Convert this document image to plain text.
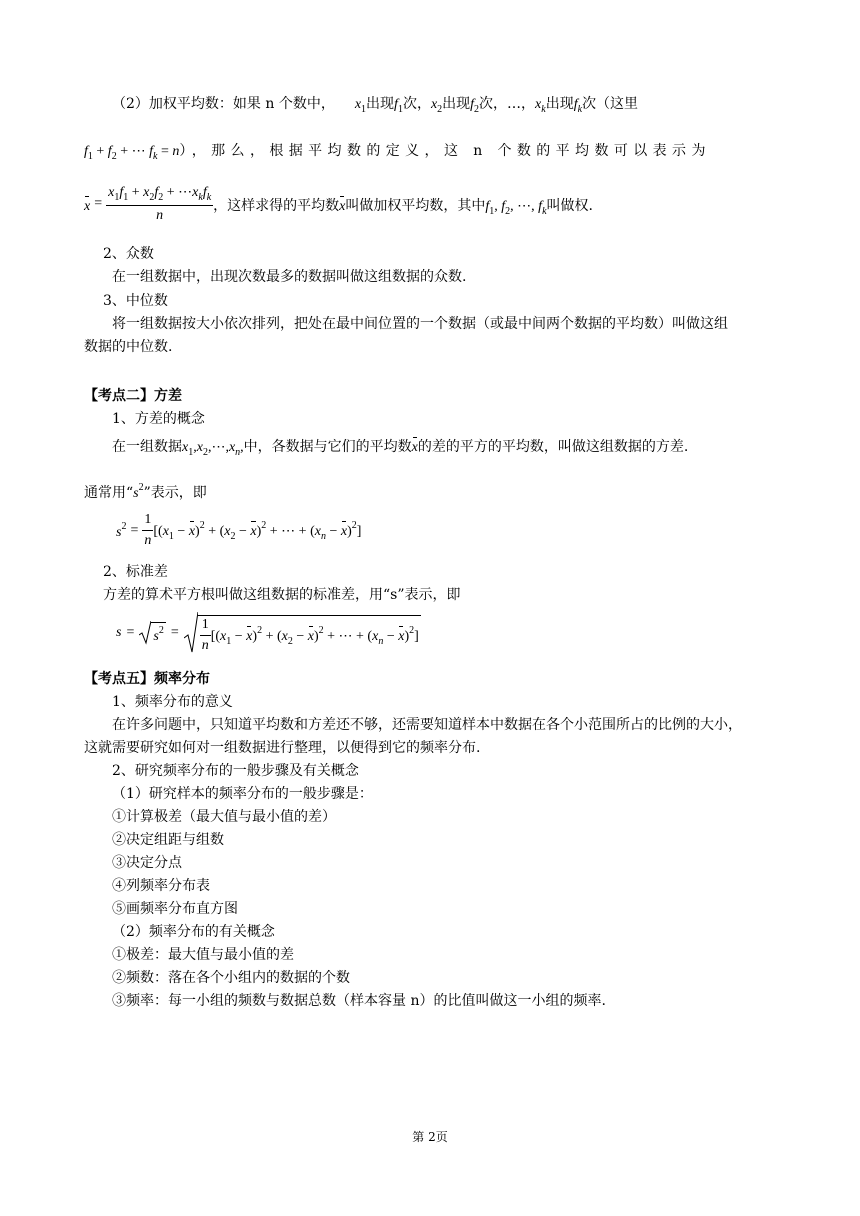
（2）加权平均数：如果 n 个数中， $x_1$出现$f_1$次，$x_2$出现$f_2$次，…，$x_k$出现$f_k$次（这里
$f_1 + f_2$ + ⋯ $f_k = n$），那么，根据平均数的定义，这 n 个数的平均数可以表示为
$x = \frac{x_1f_1 + x_2f_2 + \cdots x_kf_k}{n}$ ，这样求得的平均数x叫做加权平均数，其中$f_1$, $f_2$, ⋯, $f_k$叫做权.
2、众数
在一组数据中，出现次数最多的数据叫做这组数据的众数.
3、中位数
将一组数据按大小依次排列，把处在最中间位置的一个数据（或最中间两个数据的平均数）叫做这组
数据的中位数.
【考点二】方差
1、方差的概念
在一组数据$x_1,x_2,\cdots,x_n$,中，各数据与它们的平均数x的差的平方的平均数，叫做这组数据的方差.
通常用“$s^2$”表示，即
$s^2 = \frac{1}{n} [(x_1 - x)^2 + (x_2 - x)^2$ + ⋯ + $(x_n - x)^2$]
2、标准差
方差的算术平方根叫做这组数据的标准差，用“s”表示，即
$s = s^2 = \frac{1}{n} [(x_1 - x)^2 + (x_2 - x)^2$ + ⋯ + $(x_n - x)^2$]
【考点五】频率分布
1、频率分布的意义
在许多问题中，只知道平均数和方差还不够，还需要知道样本中数据在各个小范围所占的比例的大小，
这就需要研究如何对一组数据进行整理，以便得到它的频率分布.
2、研究频率分布的一般步骤及有关概念
（1）研究样本的频率分布的一般步骤是：
①计算极差（最大值与最小值的差）
②决定组距与组数
③决定分点
④列频率分布表
⑤画频率分布直方图
（2）频率分布的有关概念
①极差：最大值与最小值的差
②频数：落在各个小组内的数据的个数
③频率：每一小组的频数与数据总数（样本容量 n）的比值叫做这一小组的频率.
第 2页
